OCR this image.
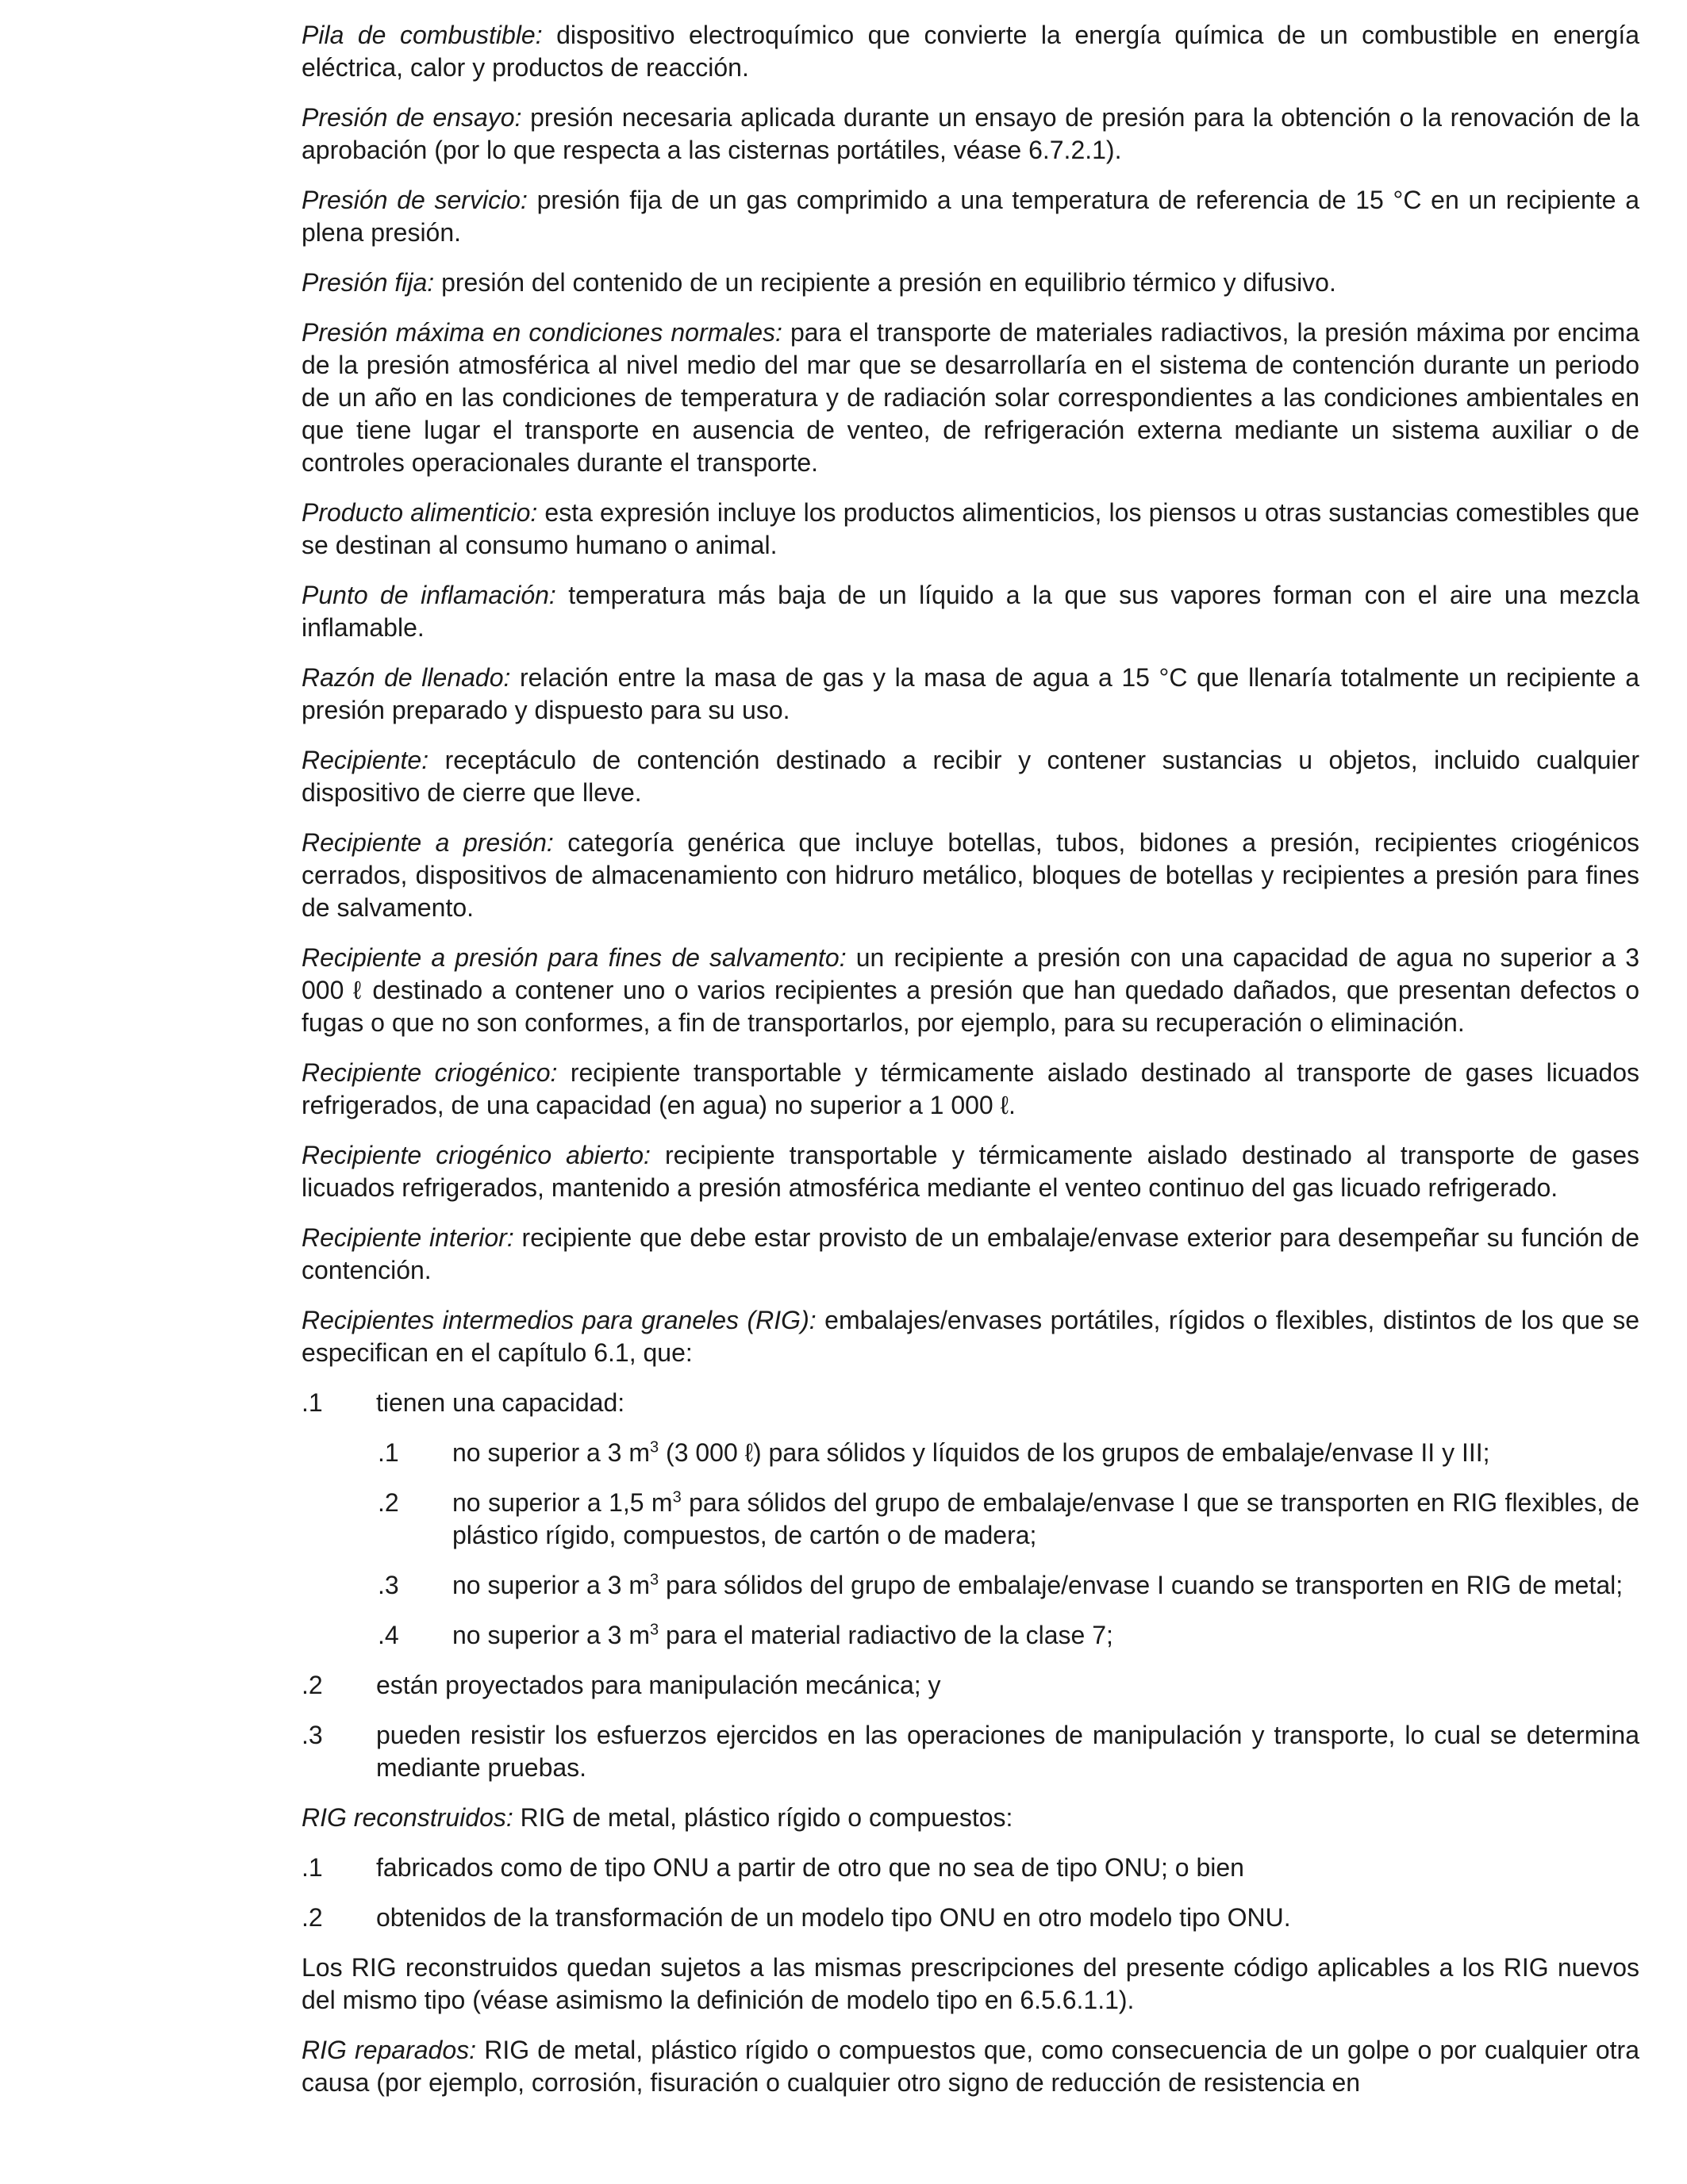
Pila de combustible: dispositivo electroquímico que convierte la energía química de un combustible en energía eléctrica, calor y productos de reacción.

Presión de ensayo: presión necesaria aplicada durante un ensayo de presión para la obtención o la renovación de la aprobación (por lo que respecta a las cisternas portátiles, véase 6.7.2.1).

Presión de servicio: presión fija de un gas comprimido a una temperatura de referencia de 15 °C en un recipiente a plena presión.

Presión fija: presión del contenido de un recipiente a presión en equilibrio térmico y difusivo.

Presión máxima en condiciones normales: para el transporte de materiales radiactivos, la presión máxima por encima de la presión atmosférica al nivel medio del mar que se desarrollaría en el sistema de contención durante un periodo de un año en las condiciones de temperatura y de radiación solar correspondientes a las condiciones ambientales en que tiene lugar el transporte en ausencia de venteo, de refrigeración externa mediante un sistema auxiliar o de controles operacionales durante el transporte.

Producto alimenticio: esta expresión incluye los productos alimenticios, los piensos u otras sustancias comestibles que se destinan al consumo humano o animal.

Punto de inflamación: temperatura más baja de un líquido a la que sus vapores forman con el aire una mezcla inflamable.

Razón de llenado: relación entre la masa de gas y la masa de agua a 15 °C que llenaría totalmente un recipiente a presión preparado y dispuesto para su uso.

Recipiente: receptáculo de contención destinado a recibir y contener sustancias u objetos, incluido cualquier dispositivo de cierre que lleve.

Recipiente a presión: categoría genérica que incluye botellas, tubos, bidones a presión, recipientes criogénicos cerrados, dispositivos de almacenamiento con hidruro metálico, bloques de botellas y recipientes a presión para fines de salvamento.

Recipiente a presión para fines de salvamento: un recipiente a presión con una capacidad de agua no superior a 3 000 ℓ destinado a contener uno o varios recipientes a presión que han quedado dañados, que presentan defectos o fugas o que no son conformes, a fin de transportarlos, por ejemplo, para su recuperación o eliminación.

Recipiente criogénico: recipiente transportable y térmicamente aislado destinado al transporte de gases licuados refrigerados, de una capacidad (en agua) no superior a 1 000 ℓ.

Recipiente criogénico abierto: recipiente transportable y térmicamente aislado destinado al transporte de gases licuados refrigerados, mantenido a presión atmosférica mediante el venteo continuo del gas licuado refrigerado.

Recipiente interior: recipiente que debe estar provisto de un embalaje/envase exterior para desempeñar su función de contención.

Recipientes intermedios para graneles (RIG): embalajes/envases portátiles, rígidos o flexibles, distintos de los que se especifican en el capítulo 6.1, que:

.1 tienen una capacidad:
.1 no superior a 3 $m^3$ (3 000 ℓ) para sólidos y líquidos de los grupos de embalaje/envase II y III;
.2 no superior a 1,5 $m^3$ para sólidos del grupo de embalaje/envase I que se transporten en RIG flexibles, de plástico rígido, compuestos, de cartón o de madera;
.3 no superior a 3 $m^3$ para sólidos del grupo de embalaje/envase I cuando se transporten en RIG de metal;
.4 no superior a 3 $m^3$ para el material radiactivo de la clase 7;
.2 están proyectados para manipulación mecánica; y
.3 pueden resistir los esfuerzos ejercidos en las operaciones de manipulación y transporte, lo cual se determina mediante pruebas.

RIG reconstruidos: RIG de metal, plástico rígido o compuestos:

.1 fabricados como de tipo ONU a partir de otro que no sea de tipo ONU; o bien
.2 obtenidos de la transformación de un modelo tipo ONU en otro modelo tipo ONU.

Los RIG reconstruidos quedan sujetos a las mismas prescripciones del presente código aplicables a los RIG nuevos del mismo tipo (véase asimismo la definición de modelo tipo en 6.5.6.1.1).

RIG reparados: RIG de metal, plástico rígido o compuestos que, como consecuencia de un golpe o por cualquier otra causa (por ejemplo, corrosión, fisuración o cualquier otro signo de reducción de resistencia en
